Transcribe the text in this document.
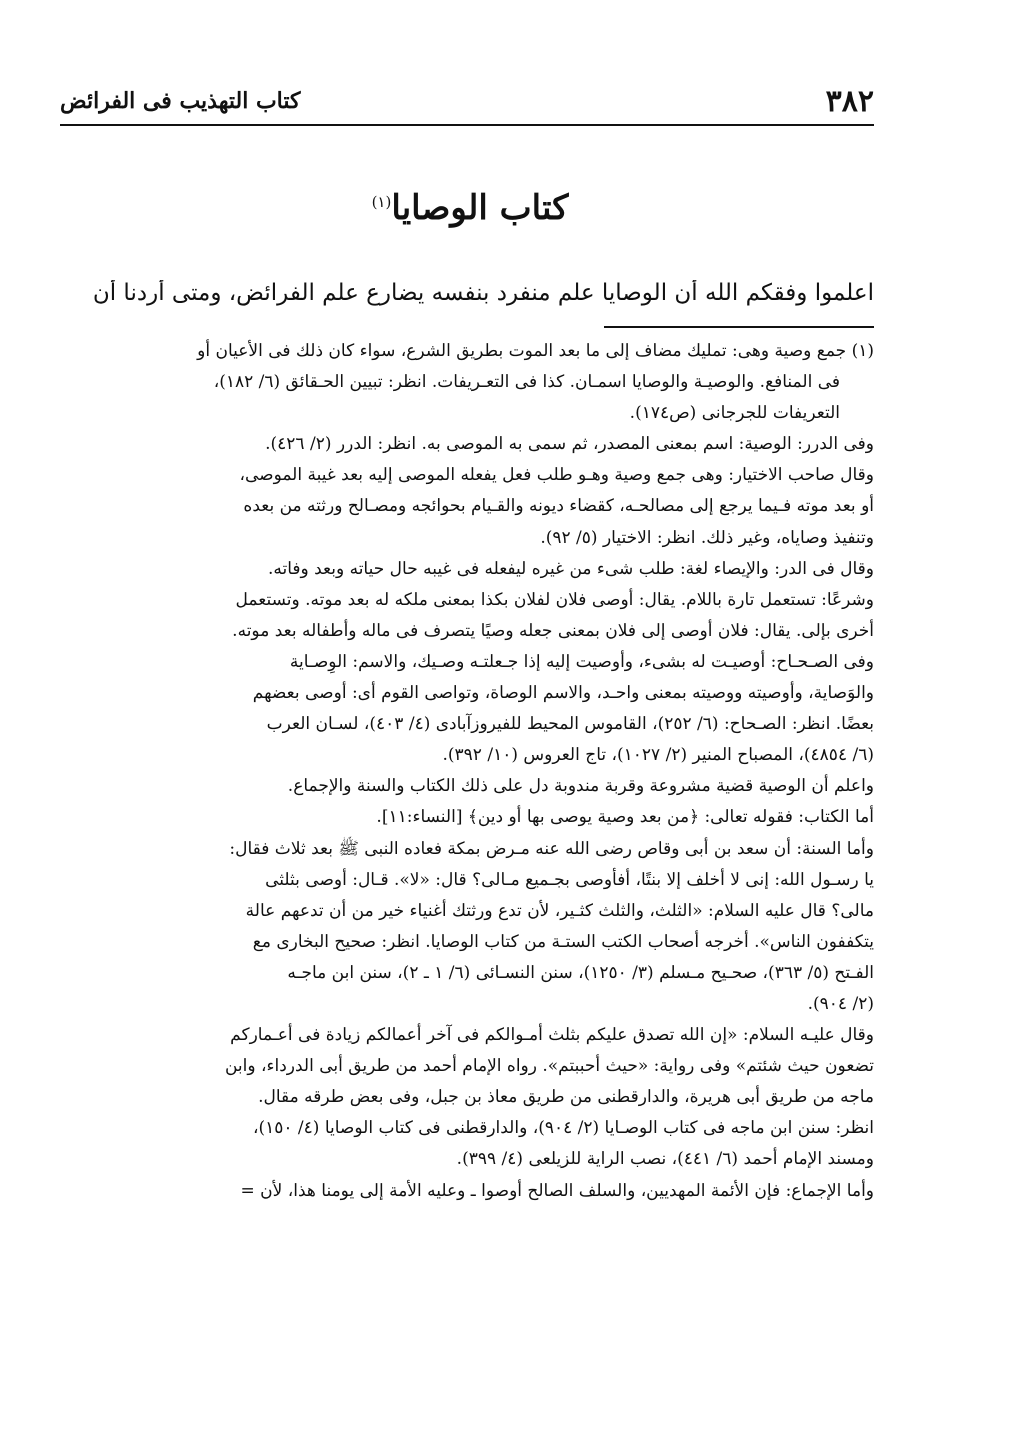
٣٨٢
كتاب التهذيب فى الفرائض
كتاب الوصايا$^{(١)}$
اعلموا وفقكم الله أن الوصايا علم منفرد بنفسه يضارع علم الفرائض، ومتى أردنا أن

(١) جمع وصية وهى: تمليك مضاف إلى ما بعد الموت بطريق الشرع، سواء كان ذلك فى الأعيان أو

فى المنافع. والوصيـة والوصايا اسمـان. كذا فى التعـريفات. انظر: تبيين الحـقائق (٦/ ١٨٢)،

التعريفات للجرجانى (ص١٧٤).

وفى الدرر: الوصية: اسم بمعنى المصدر، ثم سمى به الموصى به. انظر: الدرر (٢/ ٤٢٦).

وقال صاحب الاختيار: وهى جمع وصية وهـو طلب فعل يفعله الموصى إليه بعد غيبة الموصى،

أو بعد موته فـيما يرجع إلى مصالحـه، كقضاء ديونه والقـيام بحوائجه ومصـالح ورثته من بعده

وتنفيذ وصاياه، وغير ذلك. انظر: الاختيار (٥/ ٩٢).

وقال فى الدر: والإيصاء لغة: طلب شىء من غيره ليفعله فى غيبه حال حياته وبعد وفاته.

وشرعًا: تستعمل تارة باللام. يقال: أوصى فلان لفلان بكذا بمعنى ملكه له بعد موته. وتستعمل

أخرى بإلى. يقال: فلان أوصى إلى فلان بمعنى جعله وصيًا يتصرف فى ماله وأطفاله بعد موته.

وفى الصـحـاح: أوصيـت له بشىء، وأوصيت إليه إذا جـعلتـه وصـيك، والاسم: الوِصـاية

والوَصاية، وأوصيته ووصيته بمعنى واحـد، والاسم الوصاة، وتواصى القوم أى: أوصى بعضهم

بعضًا. انظر: الصـحاح: (٦/ ٢٥٢)، القاموس المحيط للفيروزآبادى (٤/ ٤٠٣)، لسـان العرب

(٦/ ٤٨٥٤)، المصباح المنير (٢/ ١٠٢٧)، تاج العروس (١٠/ ٣٩٢).

واعلم أن الوصية قضية مشروعة وقربة مندوبة دل على ذلك الكتاب والسنة والإجماع.

أما الكتاب: فقوله تعالى: ﴿من بعد وصية يوصى بها أو دين﴾ [النساء:١١].

وأما السنة: أن سعد بن أبى وقاص رضى الله عنه مـرض بمكة فعاده النبى ﷺ بعد ثلاث فقال:

يا رسـول الله: إنى لا أخلف إلا بنتًا، أفأوصى بجـميع مـالى؟ قال: «لا». قـال: أوصى بثلثى

مالى؟ قال عليه السلام: «الثلث، والثلث كثـير، لأن تدع ورثتك أغنياء خير من أن تدعهم عالة

يتكففون الناس». أخرجه أصحاب الكتب الستـة من كتاب الوصايا. انظر: صحيح البخارى مع

الفـتح (٥/ ٣٦٣)، صحـيح مـسلم (٣/ ١٢٥٠)، سنن النسـائى (٦/ ١ ـ ٢)، سنن ابن ماجـه

(٢/ ٩٠٤).

وقال عليـه السلام: «إن الله تصدق عليكم بثلث أمـوالكم فى آخر أعمالكم زيادة فى أعـماركم

تضعون حيث شئتم» وفى رواية: «حيث أحببتم». رواه الإمام أحمد من طريق أبى الدرداء، وابن

ماجه من طريق أبى هريرة، والدارقطنى من طريق معاذ بن جبل، وفى بعض طرقه مقال.

انظر: سنن ابن ماجه فى كتاب الوصـايا (٢/ ٩٠٤)، والدارقطنى فى كتاب الوصايا (٤/ ١٥٠)،

ومسند الإمام أحمد (٦/ ٤٤١)، نصب الراية للزيلعى (٤/ ٣٩٩).

وأما الإجماع: فإن الأئمة المهديين، والسلف الصالح أوصوا ـ وعليه الأمة إلى يومنا هذا، لأن =
